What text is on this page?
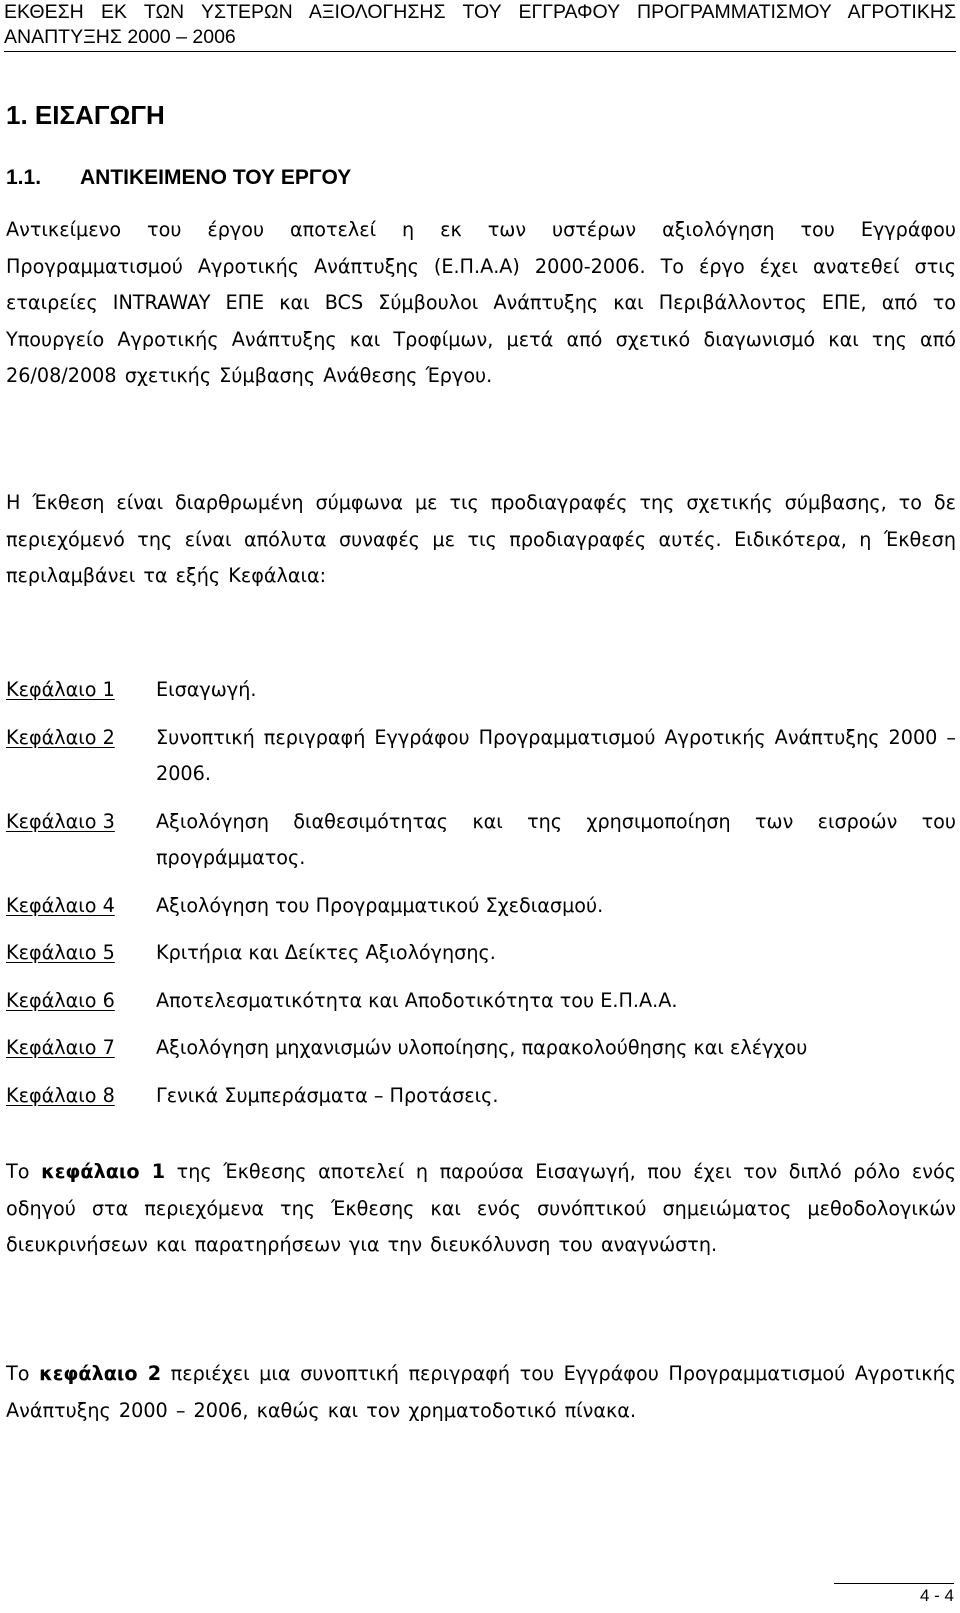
ΕΚΘΕΣΗ ΕΚ ΤΩΝ ΥΣΤΕΡΩΝ ΑΞΙΟΛΟΓΗΣΗΣ ΤΟΥ ΕΓΓΡΑΦΟΥ ΠΡΟΓΡΑΜΜΑΤΙΣΜΟΥ ΑΓΡΟΤΙΚΗΣ
ΑΝΑΠΤΥΞΗΣ 2000 – 2006
1. ΕΙΣΑΓΩΓΗ
1.1. ΑΝΤΙΚΕΙΜΕΝΟ ΤΟΥ ΕΡΓΟΥ

Αντικείμενο του έργου αποτελεί η εκ των υστέρων αξιολόγηση του Εγγράφου Προγραμματισμού Αγροτικής Ανάπτυξης (Ε.Π.Α.Α) 2000-2006. Το έργο έχει ανατεθεί στις εταιρείες INTRAWAY ΕΠΕ και BCS Σύμβουλοι Ανάπτυξης και Περιβάλλοντος ΕΠΕ, από το Υπουργείο Αγροτικής Ανάπτυξης και Τροφίμων, μετά από σχετικό διαγωνισμό και της από 26/08/2008 σχετικής Σύμβασης Ανάθεσης Έργου.

Η Έκθεση είναι διαρθρωμένη σύμφωνα με τις προδιαγραφές της σχετικής σύμβασης, το δε περιεχόμενό της είναι απόλυτα συναφές με τις προδιαγραφές αυτές. Ειδικότερα, η Έκθεση περιλαμβάνει τα εξής Κεφάλαια:

Κεφάλαιο 1	Εισαγωγή.
Κεφάλαιο 2	Συνοπτική περιγραφή Εγγράφου Προγραμματισμού Αγροτικής Ανάπτυξης 2000 – 2006.
Κεφάλαιο 3	Αξιολόγηση διαθεσιμότητας και της χρησιμοποίηση των εισροών του προγράμματος.
Κεφάλαιο 4	Αξιολόγηση του Προγραμματικού Σχεδιασμού.
Κεφάλαιο 5	Κριτήρια και Δείκτες Αξιολόγησης.
Κεφάλαιο 6	Αποτελεσματικότητα και Αποδοτικότητα του Ε.Π.Α.Α.
Κεφάλαιο 7	Αξιολόγηση μηχανισμών υλοποίησης, παρακολούθησης και ελέγχου
Κεφάλαιο 8	Γενικά Συμπεράσματα – Προτάσεις.

Το κεφάλαιο 1 της Έκθεσης αποτελεί η παρούσα Εισαγωγή, που έχει τον διπλό ρόλο ενός οδηγού στα περιεχόμενα της Έκθεσης και ενός συνόπτικού σημειώματος μεθοδολογικών διευκρινήσεων και παρατηρήσεων για την διευκόλυνση του αναγνώστη.

Το κεφάλαιο 2 περιέχει μια συνοπτική περιγραφή του Εγγράφου Προγραμματισμού Αγροτικής Ανάπτυξης 2000 – 2006, καθώς και τον χρηματοδοτικό πίνακα.

4 - 4
